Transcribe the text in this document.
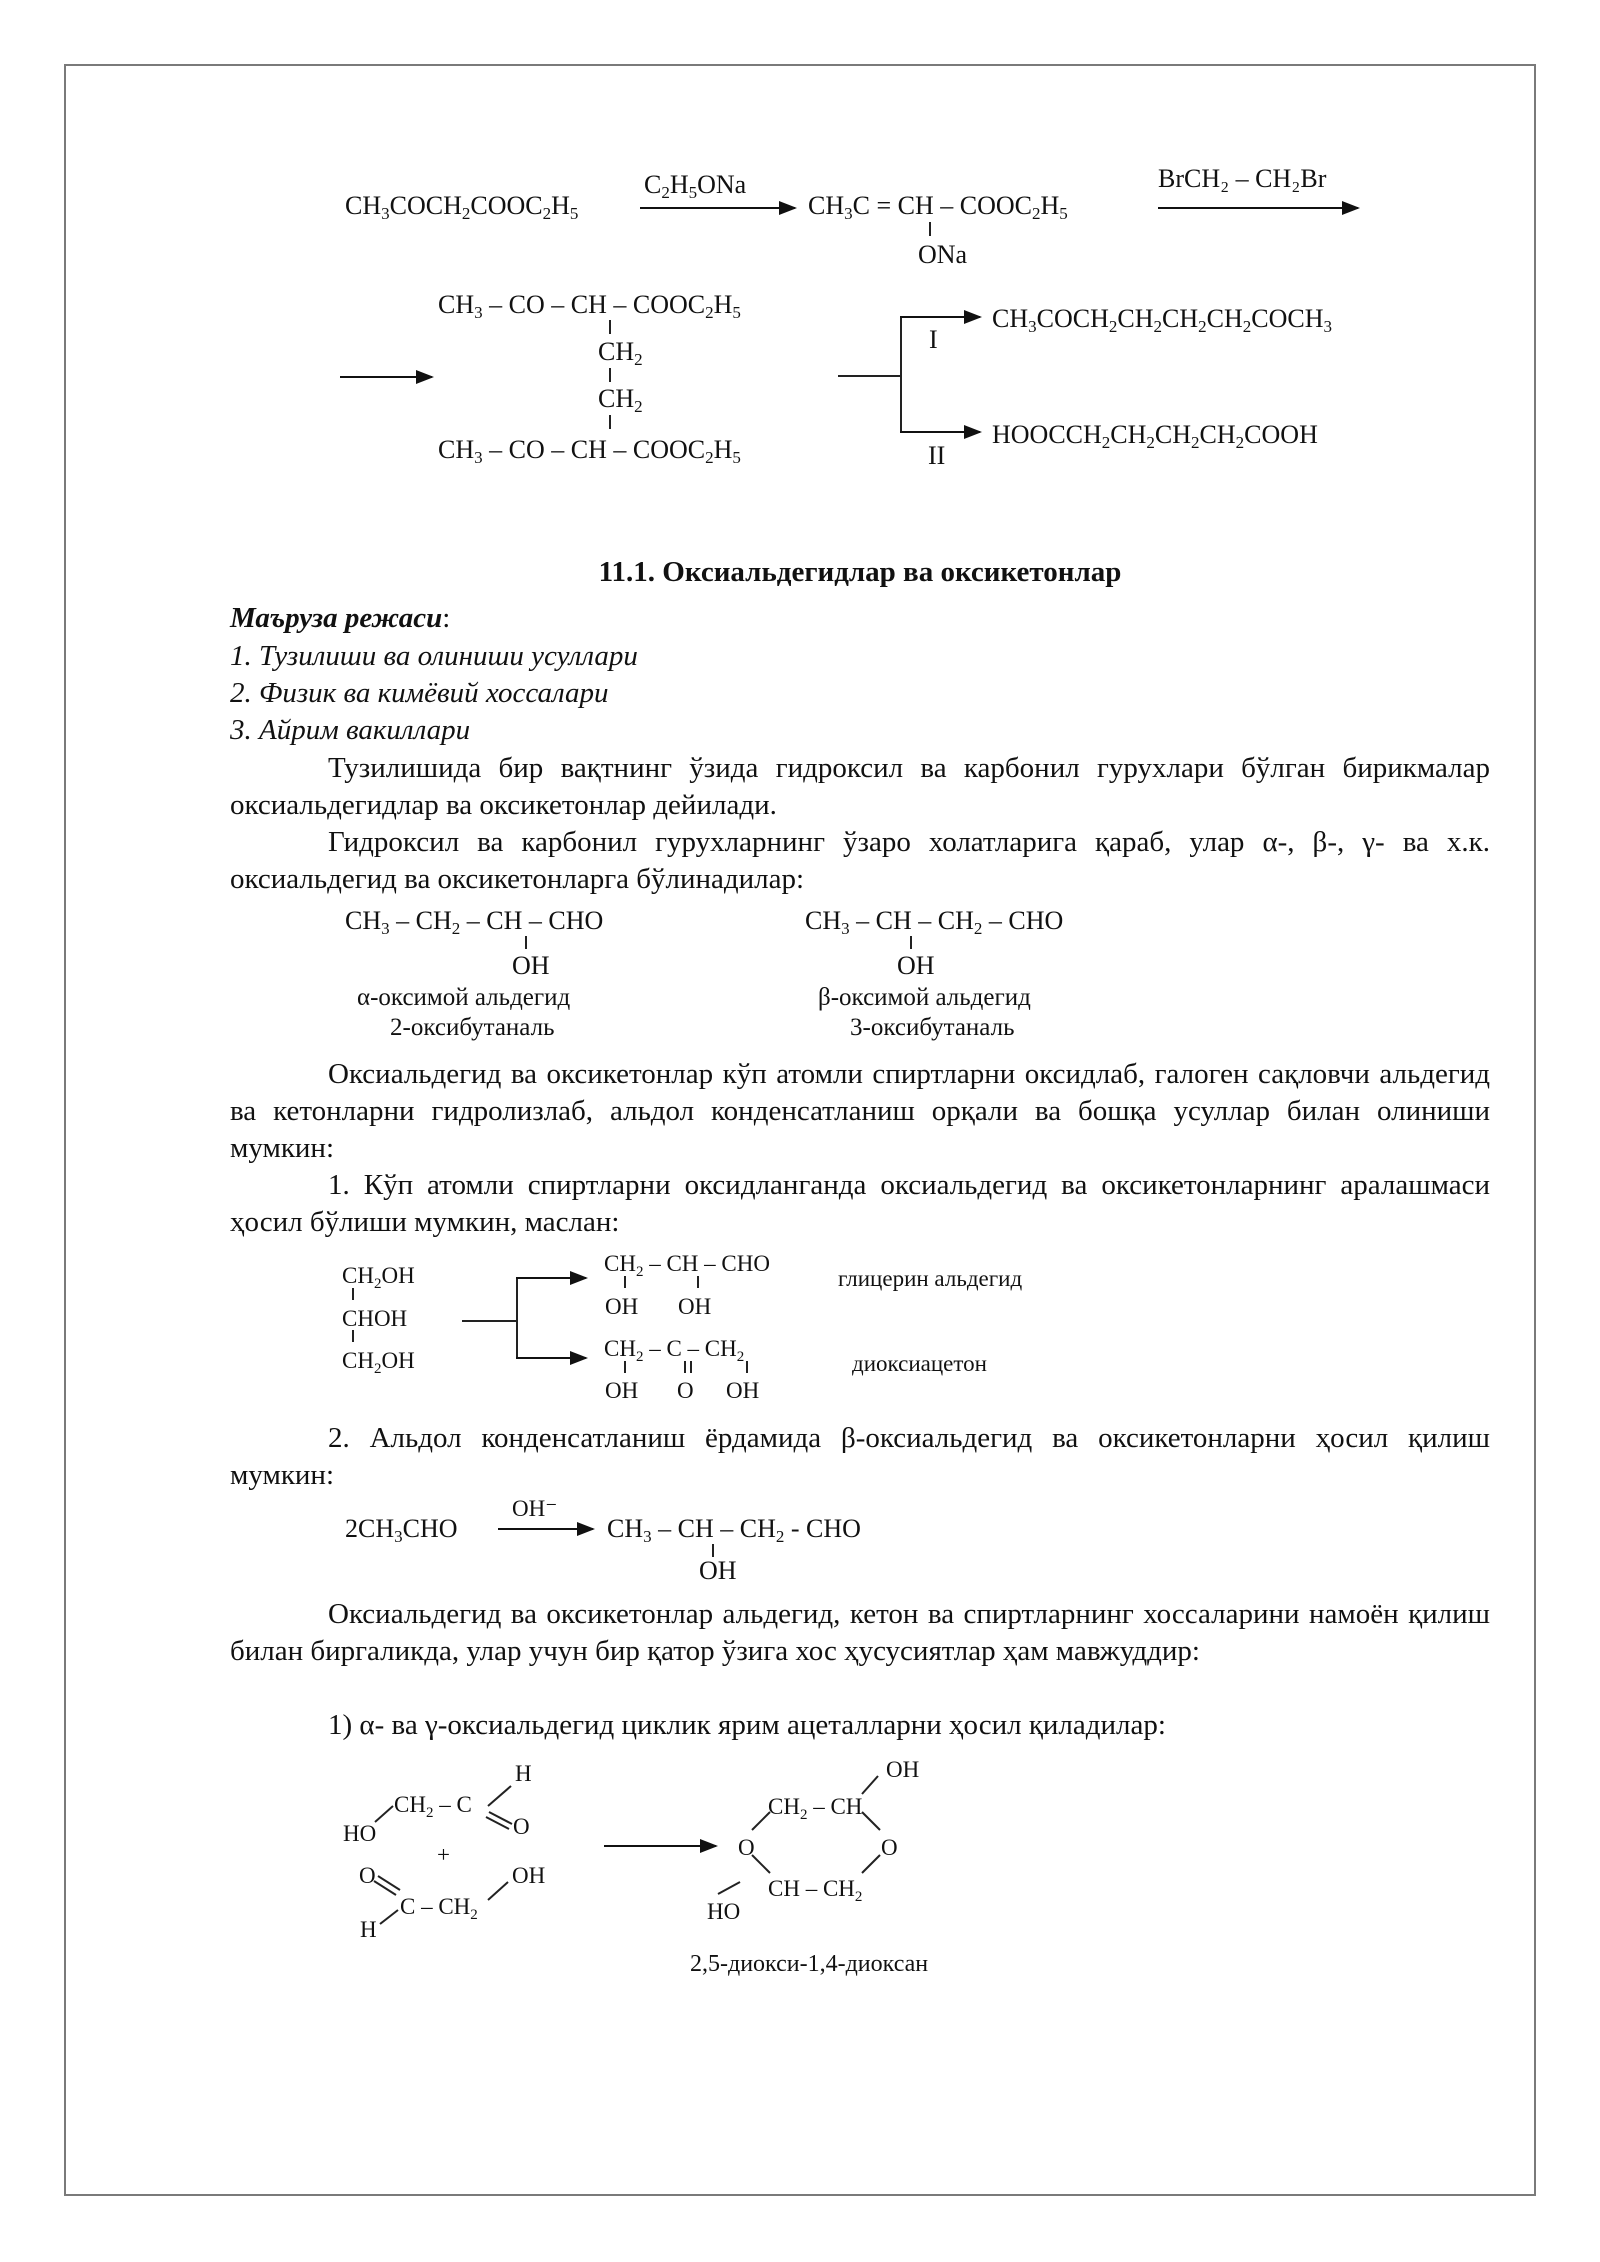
$CH_3COCH_2COOC_2H_5$
$C_2H_5ONa$
$CH_3C$ = CH – $COOC_2H_5$
ONa
BrCH₂ – CH₂Br
$CH_3$ – CO – CH – $COOC_2H_5$
$CH_2$
$CH_2$
$CH_3$ – CO – CH – $COOC_2H_5$
I
II
$CH_3COCH_2CH_2CH_2CH_2COCH_3$
$HOOCCH_2CH_2CH_2CH_2COOH$
11.1. Оксиальдегидлар ва оксикетонлар
Маъруза режаси:
1. Тузилиши ва олиниши усуллари
2. Физик ва кимёвий хоссалари
3. Айрим вакиллари
Тузилишида бир вақтнинг ўзида гидроксил ва карбонил гурухлари бўлган бирикмалар оксиальдегидлар ва оксикетонлар дейилади.
Гидроксил ва карбонил гурухларнинг ўзаро холатларига қараб, улар α-, β-, γ- ва х.к. оксиальдегид ва оксикетонларга бўлинадилар:
$CH_3 - CH_2$ – CH – CHO
OH
α-оксимой альдегид
2-оксибутаналь
$CH_3$ – CH – $CH_2$ – CHO
OH
β-оксимой альдегид
3-оксибутаналь
Оксиальдегид ва оксикетонлар кўп атомли спиртларни оксидлаб, галоген сақловчи альдегид ва кетонларни гидролизлаб, альдол конденсатланиш орқали ва бошқа усуллар билан олиниши мумкин:
1. Кўп атомли спиртларни оксидланганда оксиальдегид ва оксикетонларнинг аралашмаси ҳосил бўлиши мумкин, маслан:
$CH_2OH$
CHOH
$CH_2OH$
$CH_2$ – CH – CHO
OH OH
глицерин альдегид
$CH_2$ – C – $CH_2$
OH O OH
диоксиацетон
2. Альдол конденсатланиш ёрдамида β-оксиальдегид ва оксикетонларни ҳосил қилиш мумкин:
$2CH_3CHO$
OH⁻
$CH_3$ – CH – $CH_2$ - CHO
OH
Оксиальдегид ва оксикетонлар альдегид, кетон ва спиртларнинг хоссаларини намоён қилиш билан биргаликда, улар учун бир қатор ўзига хос ҳусусиятлар ҳам мавжуддир:
1) α- ва γ-оксиальдегид циклик ярим ацеталларни ҳосил қиладилар:
H
$CH_2$ – C
O
HO
+
O
C – $CH_2$
OH
H
OH
$CH_2$ – CH
O	O
CH – $CH_2$
HO
2,5-диокси-1,4-диоксан
